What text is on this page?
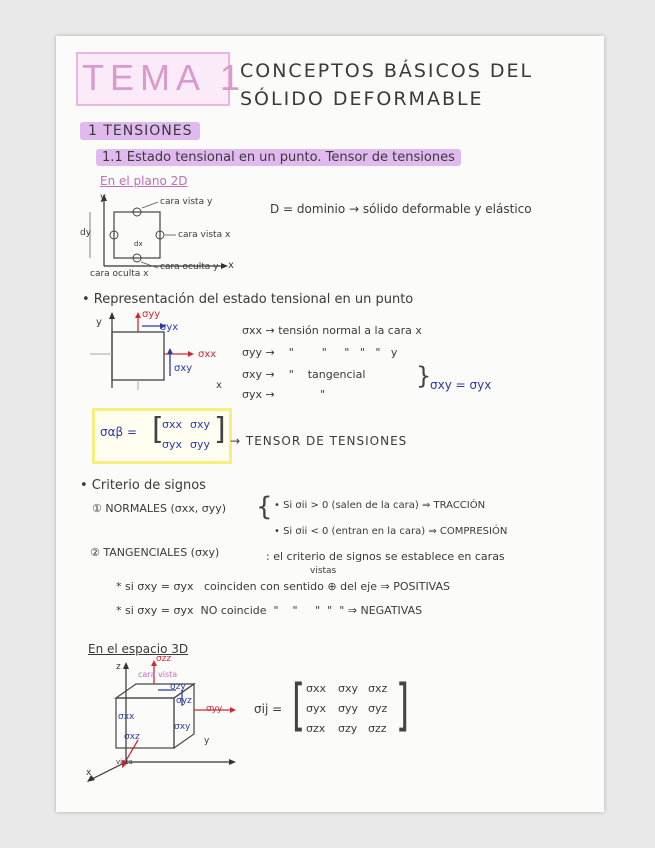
TEMA 1
CONCEPTOS BÁSICOS DEL
SÓLIDO DEFORMABLE
1 TENSIONES
1.1 Estado tensional en un punto. Tensor de tensiones
En el plano 2D
y
x
dy
dx
cara vista y
cara vista x
cara oculta y
cara oculta x
D = dominio → sólido deformable y elástico
• Representación del estado tensional en un punto
σyy
σyx
σxx
σxy
y
x
σxx → tensión normal a la cara x
σyy →    "        "     "   "   "   y
σxy →    "    tangencial
σyx →             "
}
σxy = σyx
σαβ = [ ]
σxx σxy
σyx σyy → TENSOR DE TENSIONES
• Criterio de signos
① NORMALES (σxx, σyy) { • Si σii > 0 (salen de la cara) ⇒ TRACCIÓN
• Si σii < 0 (entran en la cara) ⇒ COMPRESIÓN
② TANGENCIALES (σxy)	: el criterio de signos se establece en caras
vistas
* si σxy = σyx   coinciden con sentido ⊕ del eje ⇒ POSITIVAS
* si σxy = σyx  NO coincide  "    "     "  "  " ⇒ NEGATIVAS
En el espacio 3D
σzz
cara vista
σzy
σyz
σyy
σxx
σxz
σxy
z
y
x
vista
σij = [ ]
σxx σxy σxz
σyx σyy σyz
σzx σzy σzz
